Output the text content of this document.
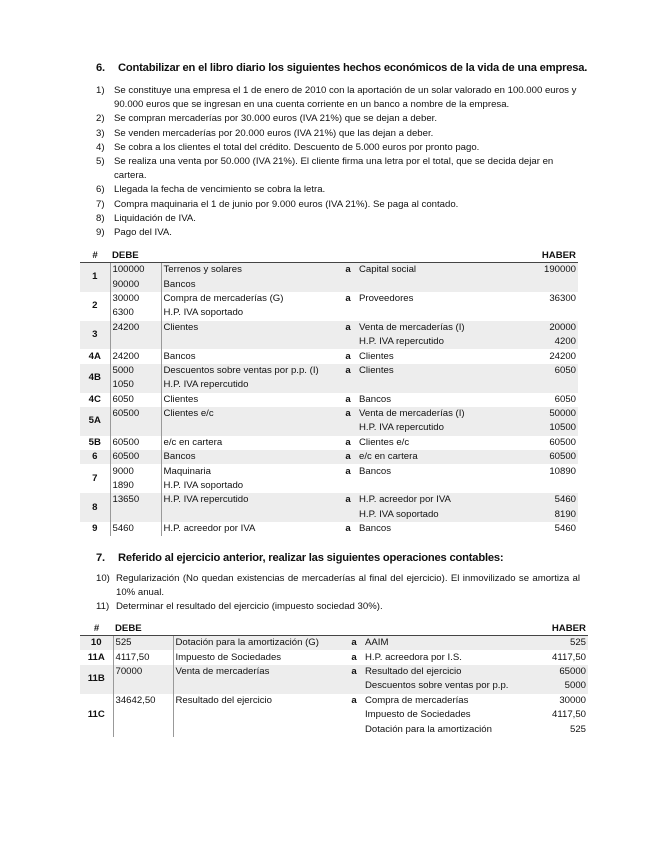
6. Contabilizar en el libro diario los siguientes hechos económicos de la vida de una empresa.
1) Se constituye una empresa el 1 de enero de 2010 con la aportación de un solar valorado en 100.000 euros y 90.000 euros que se ingresan en una cuenta corriente en un banco a nombre de la empresa.
2) Se compran mercaderías por 30.000 euros (IVA 21%) que se dejan a deber.
3) Se venden mercaderías por 20.000 euros (IVA 21%) que las dejan a deber.
4) Se cobra a los clientes el total del crédito. Descuento de 5.000 euros por pronto pago.
5) Se realiza una venta por 50.000 (IVA 21%). El cliente firma una letra por el total, que se decida dejar en cartera.
6) Llegada la fecha de vencimiento se cobra la letra.
7) Compra maquinaria el 1 de junio por 9.000 euros (IVA 21%). Se paga al contado.
8) Liquidación de IVA.
9) Pago del IVA.
#	DEBE				HABER
1	100000	Terrenos y solares	a	Capital social	190000
	90000	Bancos			
2	30000	Compra de mercaderías (G)	a	Proveedores	36300
	6300	H.P. IVA soportado			
3	24200	Clientes	a	Venta de mercaderías (I)	20000
				H.P. IVA repercutido	4200
4A	24200	Bancos	a	Clientes	24200
4B	5000	Descuentos sobre ventas por p.p. (I)	a	Clientes	6050
	1050	H.P. IVA repercutido			
4C	6050	Clientes	a	Bancos	6050
5A	60500	Clientes e/c	a	Venta de mercaderías (I)	50000
				H.P. IVA repercutido	10500
5B	60500	e/c en cartera	a	Clientes e/c	60500
6	60500	Bancos	a	e/c en cartera	60500
7	9000	Maquinaria	a	Bancos	10890
	1890	H.P. IVA soportado			
8	13650	H.P. IVA repercutido	a	H.P. acreedor por IVA	5460
				H.P. IVA soportado	8190
9	5460	H.P. acreedor por IVA	a	Bancos	5460
7. Referido al ejercicio anterior, realizar las siguientes operaciones contables:
10) Regularización (No quedan existencias de mercaderías al final del ejercicio). El inmovilizado se amortiza al 10% anual.
11) Determinar el resultado del ejercicio (impuesto sociedad 30%).
#	DEBE				HABER
10	525	Dotación para la amortización (G)	a	AAIM	525
11A	4117,50	Impuesto de Sociedades	a	H.P. acreedora por I.S.	4117,50
11B	70000	Venta de mercaderías	a	Resultado del ejercicio	65000
				Descuentos sobre ventas por p.p.	5000
11C	34642,50	Resultado del ejercicio	a	Compra de mercaderías	30000
				Impuesto de Sociedades	4117,50
				Dotación para la amortización	525
